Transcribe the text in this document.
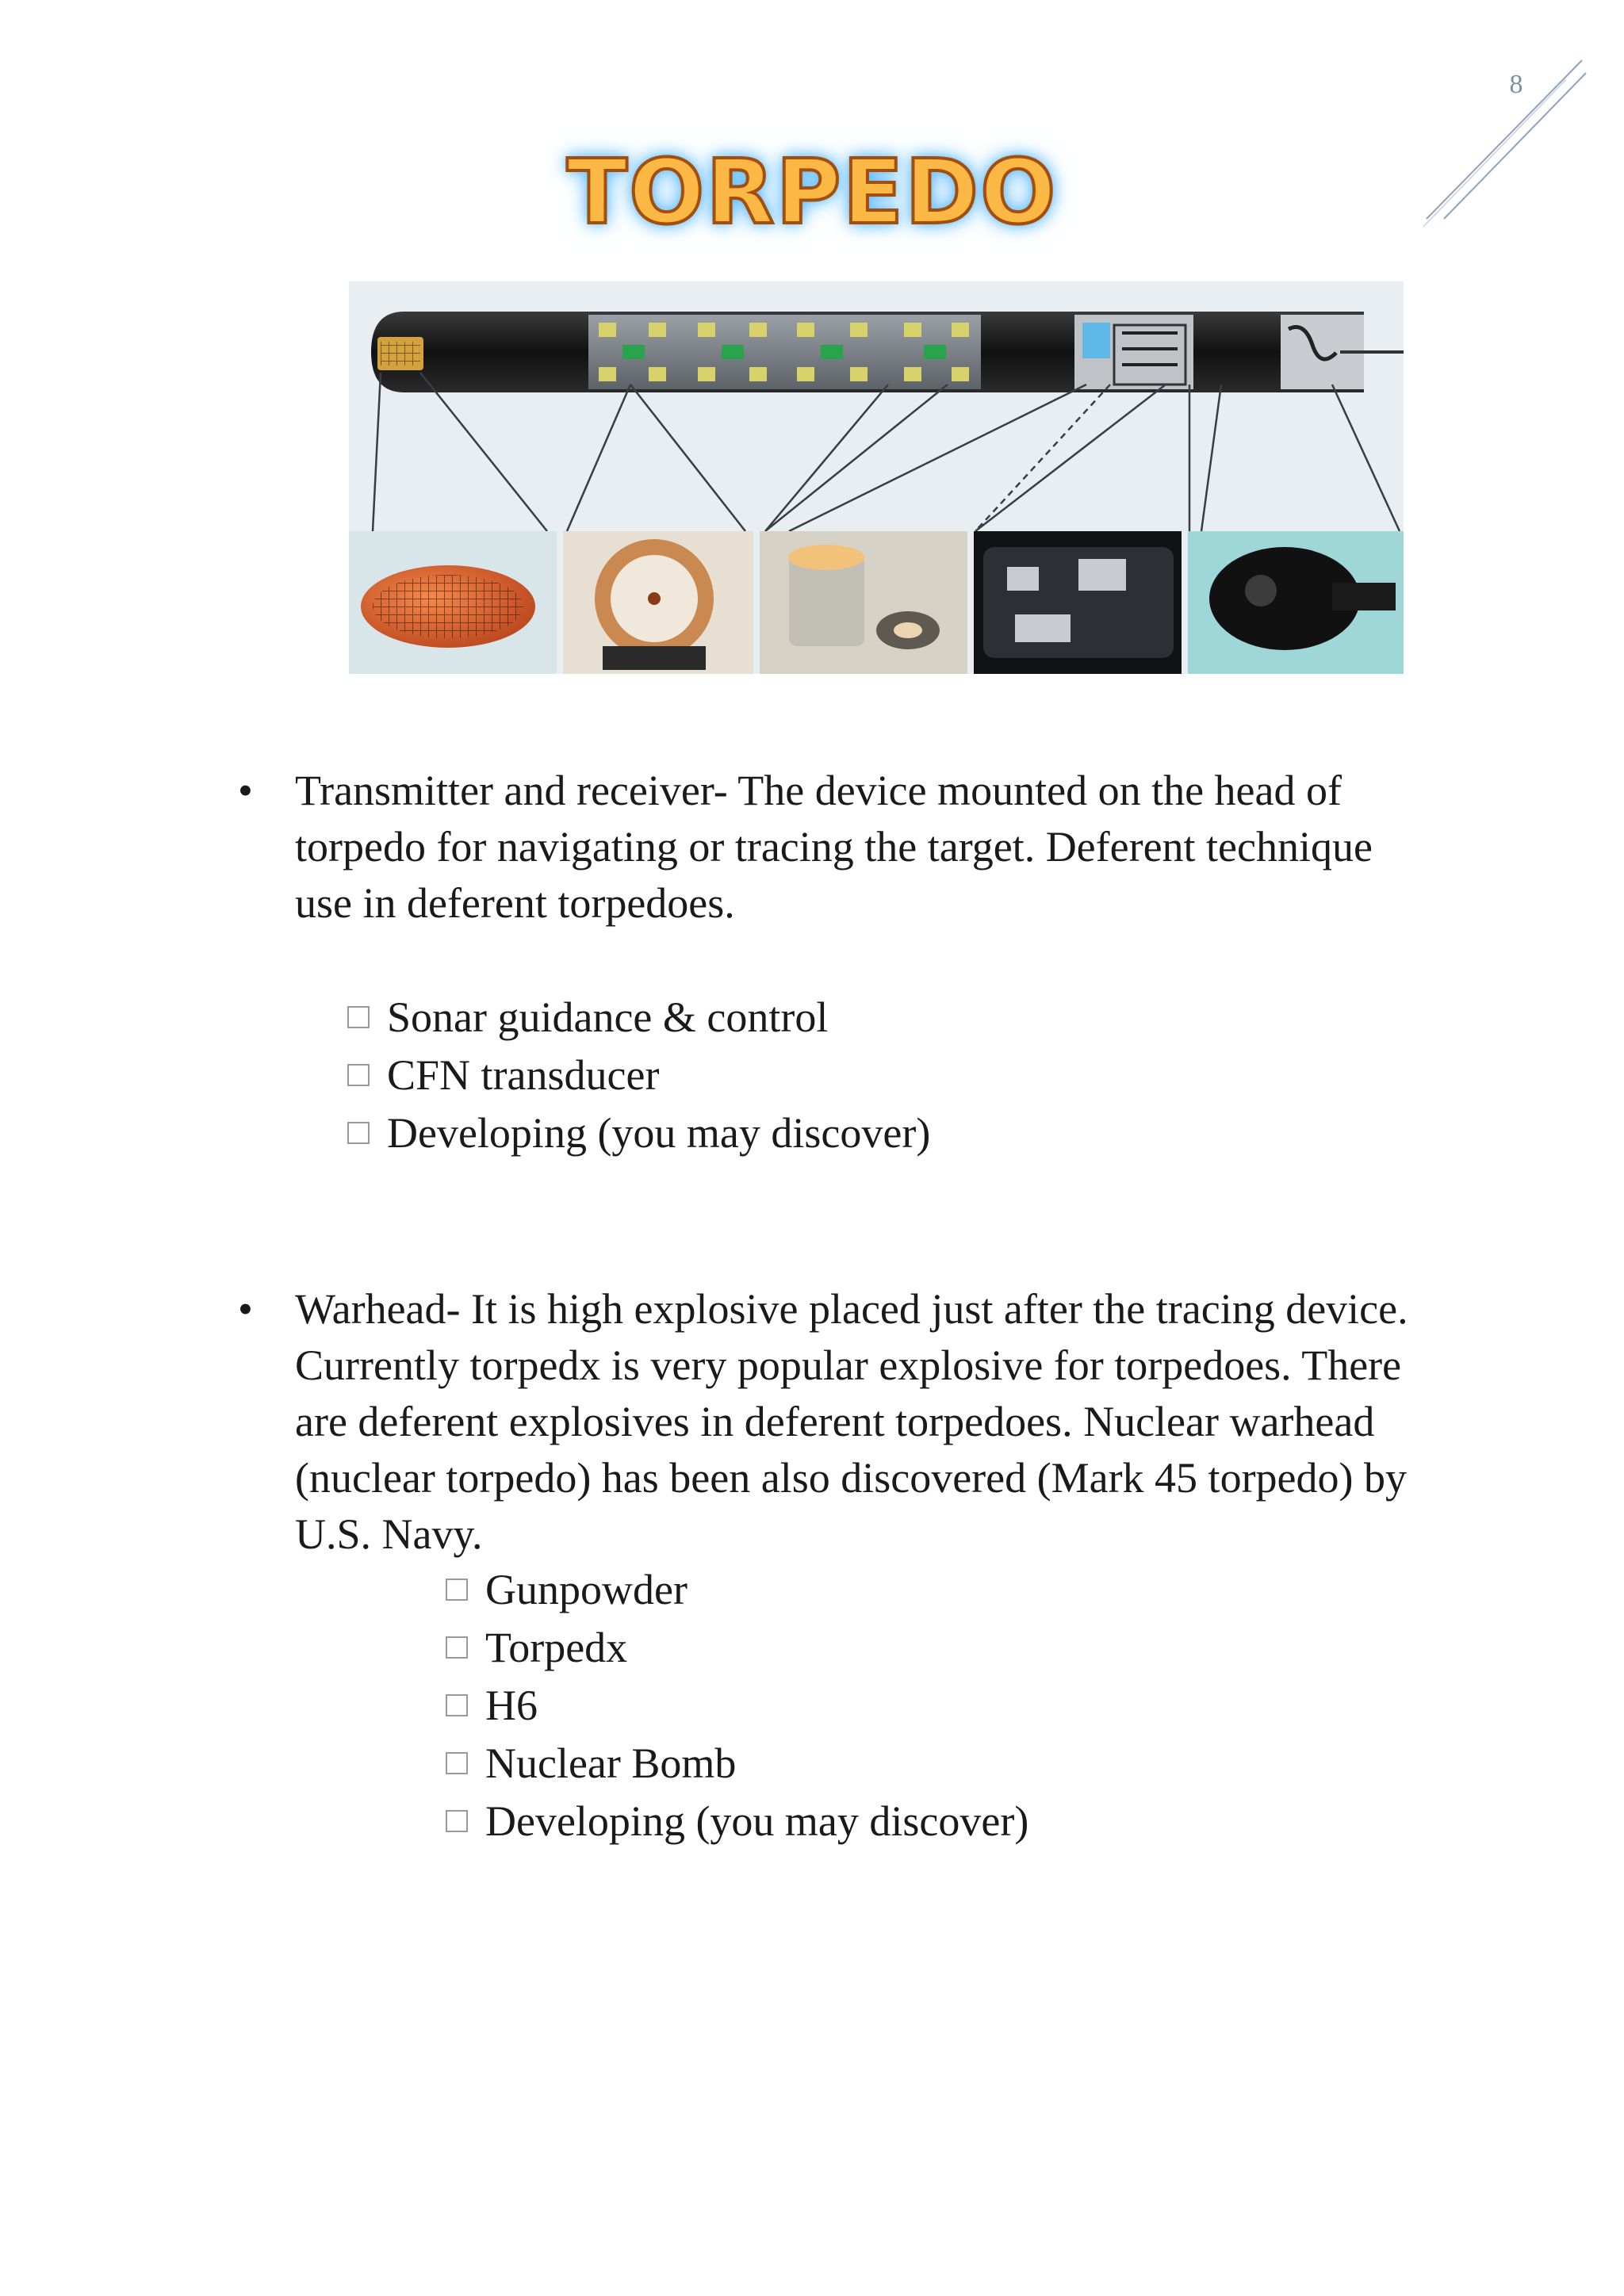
8
TORPEDO
• Transmitter and receiver- The device mounted on the head of
torpedo for navigating or tracing the target. Deferent technique
use in deferent torpedoes.
Sonar guidance & control
CFN transducer
Developing (you may discover)
• Warhead- It is high explosive placed just after the tracing device.
Currently torpedx is very popular explosive for torpedoes. There
are deferent explosives in deferent torpedoes. Nuclear warhead
(nuclear torpedo) has been also discovered (Mark 45 torpedo) by
U.S. Navy.
Gunpowder
Torpedx
H6
Nuclear Bomb
Developing (you may discover)
